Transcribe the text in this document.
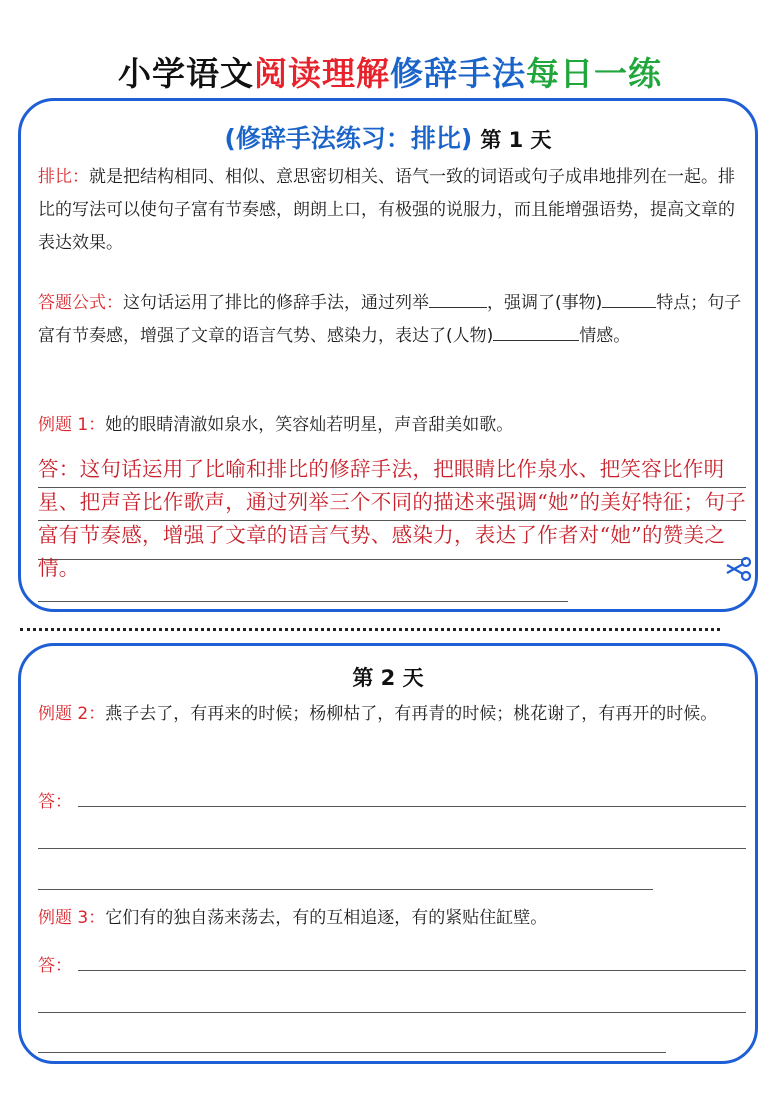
小学语文阅读理解修辞手法每日一练
(修辞手法练习：排比) 第 1 天
排比：就是把结构相同、相似、意思密切相关、语气一致的词语或句子成串地排列在一起。排比的写法可以使句子富有节奏感，朗朗上口，有极强的说服力，而且能增强语势，提高文章的表达效果。
答题公式：这句话运用了排比的修辞手法，通过列举	，强调了(事物)	特点；句子富有节奏感，增强了文章的语言气势、感染力，表达了(人物)	情感。
例题 1：她的眼睛清澈如泉水，笑容灿若明星，声音甜美如歌。
答：这句话运用了比喻和排比的修辞手法，把眼睛比作泉水、把笑容比作明星、把声音比作歌声，通过列举三个不同的描述来强调“她”的美好特征；句子富有节奏感，增强了文章的语言气势、感染力，表达了作者对“她”的赞美之情。
第 2 天
例题 2：燕子去了，有再来的时候；杨柳枯了，有再青的时候；桃花谢了，有再开的时候。
答：
例题 3：它们有的独自荡来荡去，有的互相追逐，有的紧贴住缸壁。
答：
